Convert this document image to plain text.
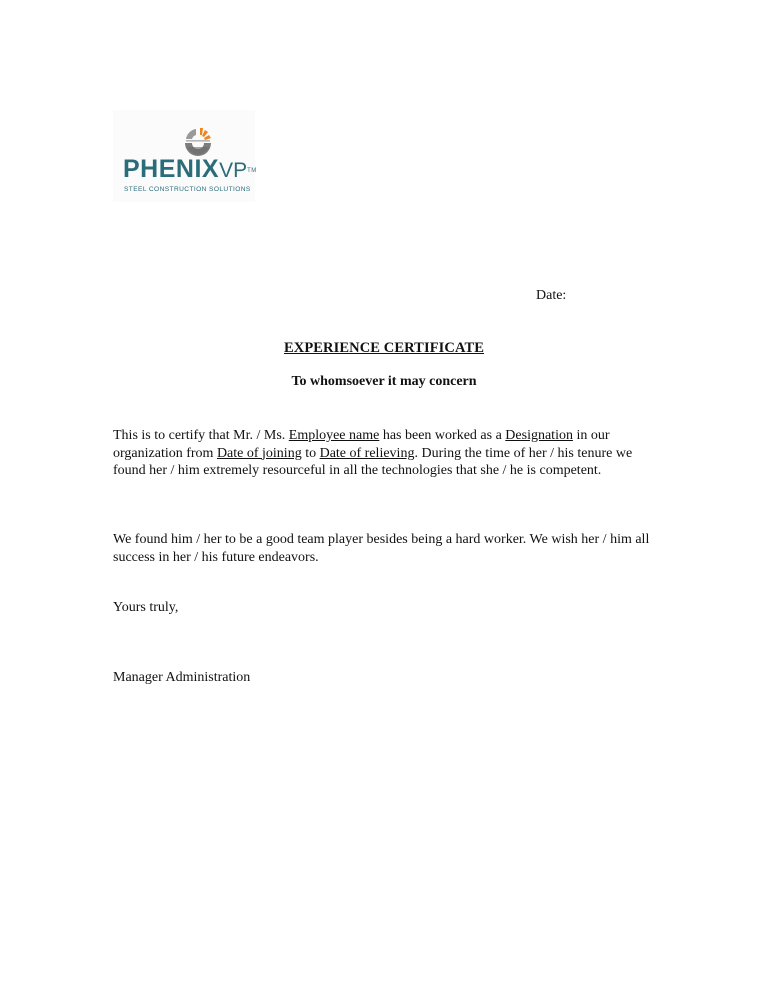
PHENIXVP™
STEEL CONSTRUCTION SOLUTIONS
Date:
EXPERIENCE CERTIFICATE
To whomsoever it may concern
This is to certify that Mr. / Ms. Employee name has been worked as a Designation in our organization from Date of joining to Date of relieving. During the time of her / his tenure we found her / him extremely resourceful in all the technologies that she / he is competent.
We found him / her to be a good team player besides being a hard worker. We wish her / him all success in her / his future endeavors.
Yours truly,
Manager Administration
